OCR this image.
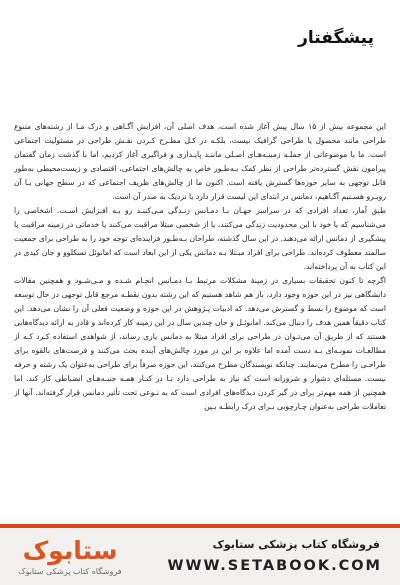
پیشگفتار

این مجموعه بیش از ۱۵ سال پیش آغاز شده است، هدف اصلی آن، افزایش آگـاهی و درک مـا از رشته‌های متنوع طراحی مانند محصول یا طراحی گرافیک نیست، بلکـه در کـل مطـرح کـردن نقـش طراحی در مسئولیت اجتماعی است. ما با موضوعاتی از جملـه زمینـه‌هـای اصـلی ماننـد پایـداری و فراگیری آغاز کردیم، اما با گذشت زمان گفتمان پیرامون نقش گسترده‌تر طراحی از نظر کمک بـه‌طـور خاص به چالش‌های اجتماعی، اقتصادی و زیست‌محیطی به‌طور قابل توجهی به سایر حوزه‌ها گسترش یافته است. اکنون ما از چالش‌های ظریف اجتماعی که در سطح جهانی بـا آن روبـرو هسـتیم آگـاهیم، دمانس در ابتدای این لیست قرار دارد یا نزدیک به صدر آن است.

طبق آمار، تعداد افرادی که در سراسر جهـان بـا دمـانس زنـدگی مـی‌کننـد رو بـه افـزایش اسـت. اشخاصی را می‌شناسیم که یا خود با این محدودیت زندگی می‌کنند، یا از شخصی مبتلا مراقبت می‌کنند یا خدماتی در زمینه مراقبت یا پیشگیری از دمانس ارائه می‌دهند. در این سال گذشته، طراحان بـه‌طـور فزاینده‌ای توجه خود را به طراحی برای جمعیت سالمند معطوف کرده‌اند. طراحی برای افراد مبـتلا بـه دمانس یکی از این ابعاد است که امانوئل تسکلوو و جان کیدی در این کتاب به آن پرداخته‌اند.

اگرچه تا کنون تحقیقات بسیاری در زمینهٔ مشکلات مرتبط بـا دمـانس انجـام شـده و مـی‌شـود و همچنین مقالات دانشگاهی نیز در این حوزه وجود دارد، باز هم شاهد هستیم که این رشته بدون نقطـه مرجع قابل توجهی در حال توسعه است که موضوع را بسط و گسترش می‌دهد. که ادبیات پـژوهش در این حوزه و وضعیت فعلی آن را نشان می‌دهد. این کتاب دقیقاً همین هدف را دنبال می‌کند. امانوئـل و جان چندین سال در این زمینه کار کرده‌اند و قادر به ارائه دیدگاه‌هایی هستند که از طریق آن می‌تـوان در طراحی برای افراد مبتلا به دمانس یاری رساند، از شواهدی استفاده کـرد کـه از مطالعـات نمونـه‌ای بـه دست آمده اما علاوه بر این در مورد چالش‌های آینده بحث می‌کنند و فرصت‌های بالقوه برای طراحـی را مطرح می‌نمایند. چنانکه نویسندگان مطرح می‌کنند، این حوزه صرفاً برای طراحی به‌عنوان یک رشته و حرفه نیست. مسئله‌ای دشوار و شرورانه است که نیاز به طراحی دارد تـا در کنـار همـه جنبـه‌هـای انضباطی کار کند. اما همچنین از همه مهم‌تر برای در گیر کردن دیدگاه‌های افرادی است که به نـوعی تحت تأثیر دمانس قرار گرفته‌اند. آنها از تعاملات طراحی به‌عنوان چـارچوبی بـرای درک رابطـه بـین

ستابوک
فروشگاه کتاب پزشکی ستابوک
فروشگاه کتاب پزشکی ستابوک
WWW.SETABOOK.COM
